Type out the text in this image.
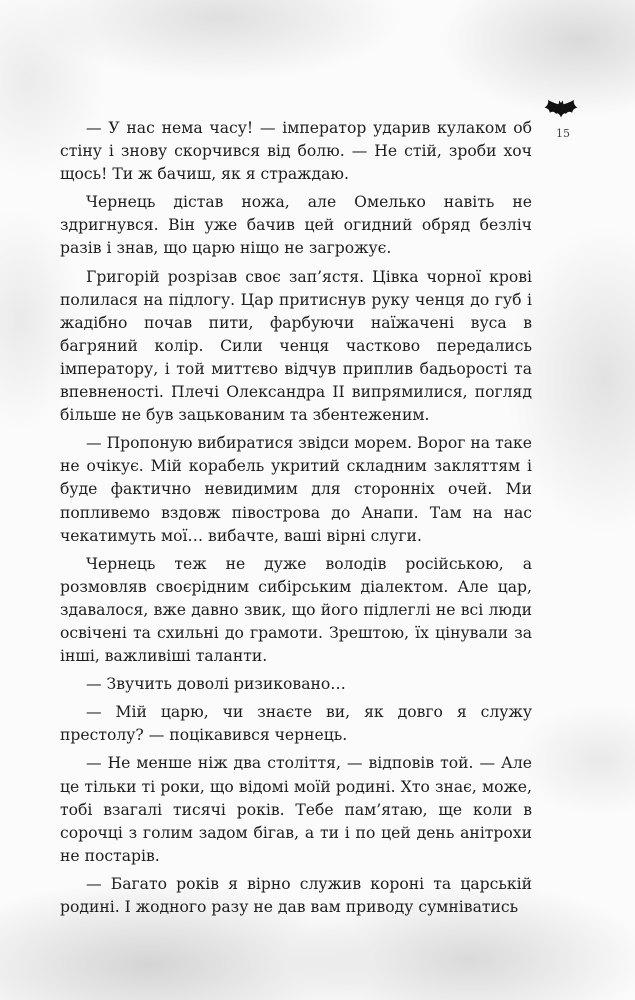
15

— У нас нема часу! — імператор ударив кулаком об стіну і знову скорчився від болю. — Не стій, зроби хоч щось! Ти ж бачиш, як я страждаю.

Чернець дістав ножа, але Омелько навіть не здригнувся. Він уже бачив цей огидний обряд безліч разів і знав, що царю ніщо не загрожує.

Григорій розрізав своє зап’ястя. Цівка чорної крові полилася на підлогу. Цар притиснув руку ченця до губ і жадібно почав пити, фарбуючи наїжачені вуса в багряний колір. Сили ченця частково передались імператору, і той миттєво відчув приплив бадьорості та впевненості. Плечі Олександра II випрямилися, погляд більше не був зацькованим та збентеженим.

— Пропоную вибиратися звідси морем. Ворог на таке не очікує. Мій корабель укритий складним закляттям і буде фактично невидимим для сторонніх очей. Ми попливемо вздовж півострова до Анапи. Там на нас чекатимуть мої… вибачте, ваші вірні слуги.

Чернець теж не дуже володів російською, а розмовляв своєрідним сибірським діалектом. Але цар, здавалося, вже давно звик, що його підлеглі не всі люди освічені та схильні до грамоти. Зрештою, їх цінували за інші, важливіші таланти.

— Звучить доволі ризиковано…

— Мій царю, чи знаєте ви, як довго я служу престолу? — поцікавився чернець.

— Не менше ніж два століття, — відповів той. — Але це тільки ті роки, що відомі моїй родині. Хто знає, може, тобі взагалі тисячі років. Тебе пам’ятаю, ще коли в сорочці з голим задом бігав, а ти і по цей день анітрохи не постарів.

— Багато років я вірно служив короні та царській родині. І жодного разу не дав вам приводу сумніватись
